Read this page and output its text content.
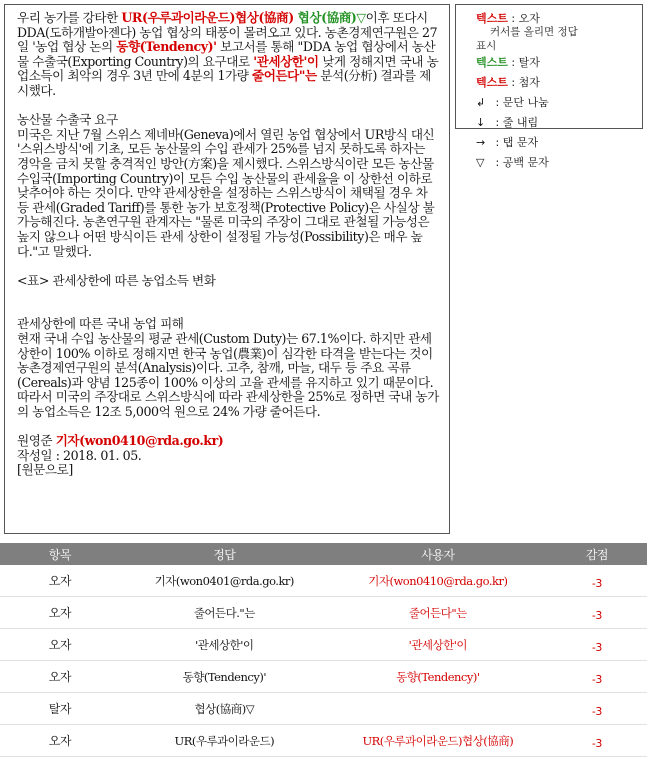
우리 농가를 강타한 UR(우루과이라운드)협상(協商) 협상(協商)▽이후 또다시 DDA(도하개발아젠다) 농업 협상의 태풍이 몰려오고 있다. 농촌경제연구원은 27일 '농업 협상 논의 동향(Tendency)' 보고서를 통해 "DDA 농업 협상에서 농산물 수출국(Exporting Country)의 요구대로 '관세상한'이 낮게 정해지면 국내 농업소득이 최악의 경우 3년 만에 4분의 1가량 줄어든다"는 분석(分析) 결과를 제시했다.

농산물 수출국 요구

미국은 지난 7월 스위스 제네바(Geneva)에서 열린 농업 협상에서 UR방식 대신 '스위스방식'에 기초, 모든 농산물의 수입 관세가 25%를 넘지 못하도록 하자는 경악을 금치 못할 충격적인 방안(方案)을 제시했다. 스위스방식이란 모든 농산물 수입국(Importing Country)이 모든 수입 농산물의 관세율을 이 상한선 이하로 낮추어야 하는 것이다. 만약 관세상한을 설정하는 스위스방식이 채택될 경우 차등 관세(Graded Tariff)를 통한 농가 보호정책(Protective Policy)은 사실상 불가능해진다. 농촌연구원 관계자는 "물론 미국의 주장이 그대로 관철될 가능성은 높지 않으나 어떤 방식이든 관세 상한이 설정될 가능성(Possibility)은 매우 높다."고 말했다.

<표> 관세상한에 따른 농업소득 변화

관세상한에 따른 국내 농업 피해

현재 국내 수입 농산물의 평균 관세(Custom Duty)는 67.1%이다. 하지만 관세상한이 100% 이하로 정해지면 한국 농업(農業)이 심각한 타격을 받는다는 것이 농촌경제연구원의 분석(Analysis)이다. 고추, 참깨, 마늘, 대두 등 주요 곡류(Cereals)과 양념 125종이 100% 이상의 고율 관세를 유지하고 있기 때문이다.

따라서 미국의 주장대로 스위스방식에 따라 관세상한을 25%로 정하면 국내 농가의 농업소득은 12조 5,000억 원으로 24% 가량 줄어든다.

원영준 기자(won0410@rda.go.kr)

작성일 : 2018. 01. 05.

[원문으로]

텍스트 : 오자
커서를 올리면 정답
표시
텍스트 : 탈자
텍스트 : 첨자
↲ : 문단 나눔
↓ : 줄 내림
→ : 탭 문자
▽ : 공백 문자
항목	정답	사용자	감점
오자	기자(won0401@rda.go.kr)	기자(won0410@rda.go.kr)	-3
오자	줄어든다."는	줄어든다"는	-3
오자	'관세상한'이	'관세상한'이	-3
오자	동향(Tendency)'	동향(Tendency)'	-3
탈자	협상(協商)▽		-3
오자	UR(우루과이라운드)	UR(우루과이라운드)협상(協商)	-3
